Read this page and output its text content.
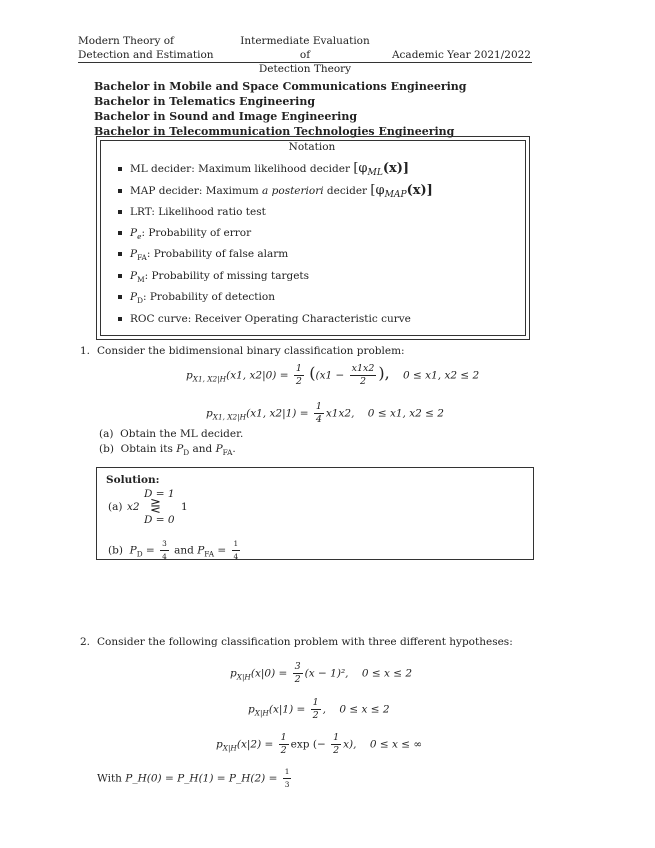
Modern Theory of
Detection and Estimation
Intermediate Evaluation of
Detection Theory
Academic Year 2021/2022
Bachelor in Mobile and Space Communications Engineering
Bachelor in Telematics Engineering
Bachelor in Sound and Image Engineering
Bachelor in Telecommunication Technologies Engineering
Notation
ML decider: Maximum likelihood decider $[\varphi_{ML}(x)]$
MAP decider: Maximum a posteriori decider $[\varphi_{MAP}(x)]$
LRT: Likelihood ratio test
$P_e$: Probability of error
$P_{FA}$: Probability of false alarm
$P_M$: Probability of missing targets
$P_D$: Probability of detection
ROC curve: Receiver Operating Characteristic curve
1. Consider the bidimensional binary classification problem:
$p_{X1, X2|H}(x1$, $x2|0) = \frac{1}{2} ((x1 - \frac{x1x2}{2}$ ), 0 ≤ x1, x2 ≤ 2
$p_{X1, X2|H}(x1$, $x2|1) = \frac{1}{4} x1x2$, 0 ≤ x1, x2 ≤ 2
(a) Obtain the ML decider.
(b) Obtain its $P_D$ and $P_{FA}$.
Solution:
D = 1
(a) x2 ⋛ 1
D = 0
(b) $P_D = \frac{3}{4}$ and $P_{FA} = \frac{1}{4}$
2. Consider the following classification problem with three different hypotheses:
$p_{X|H}(x|0) = \frac{3}{2} (x - 1)^2$, 0 ≤ x ≤ 2
$p_{X|H}(x|1) = \frac{1}{2}$ , 0 ≤ x ≤ 2
$p_{X|H}(x|2) = \frac{1}{2}$ exp (− $\frac{1}{2} x$), 0 ≤ x ≤ ∞
With P_H(0) = P_H(1) = P_H(2) = $\frac{1}{3}$
